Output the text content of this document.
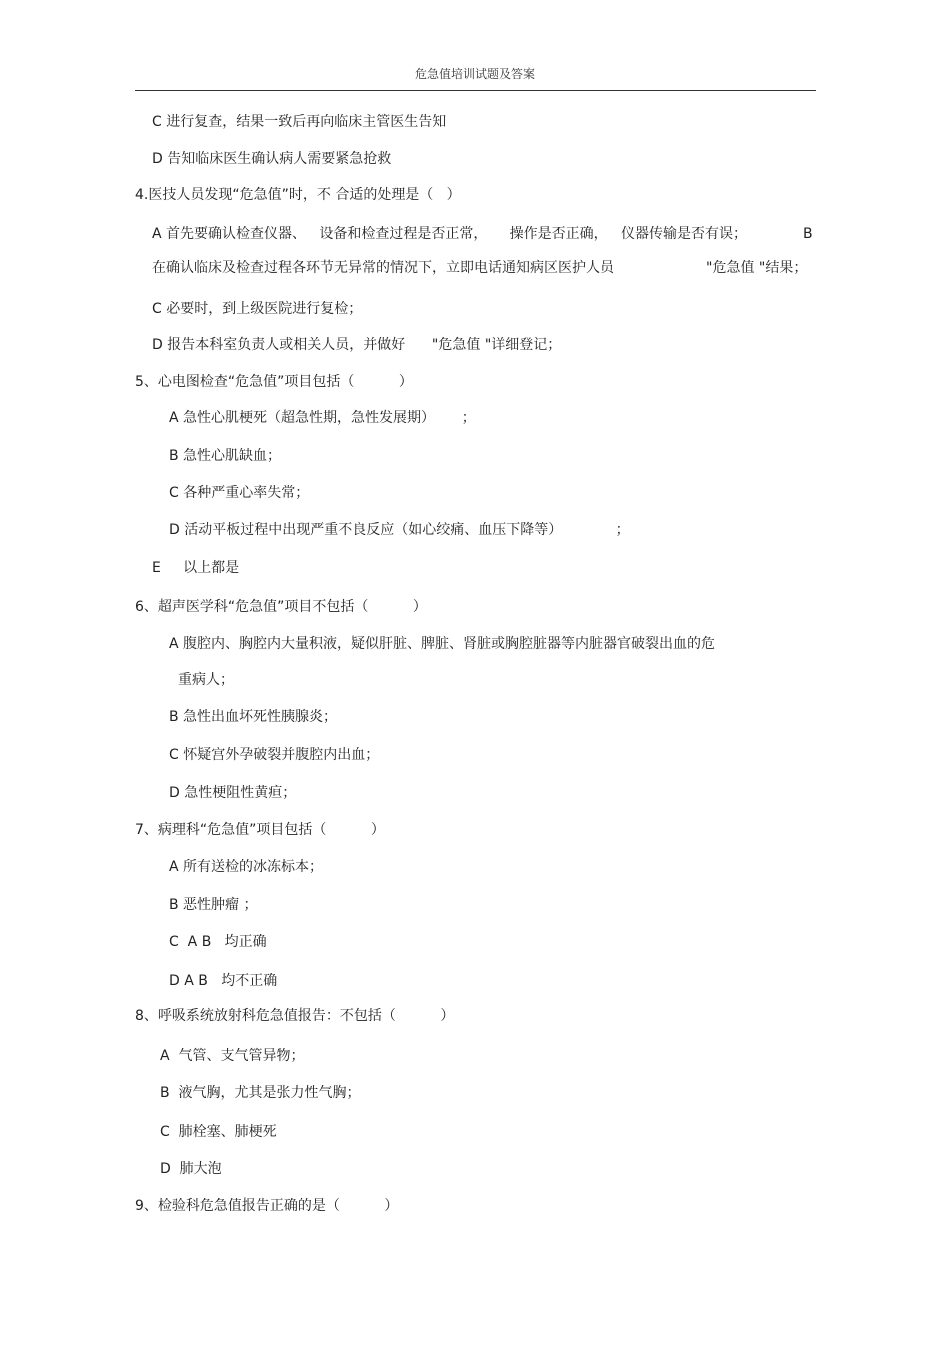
危急值培训试题及答案
C 进行复查，结果一致后再向临床主管医生告知
D 告知临床医生确认病人需要紧急抢救
4.医技人员发现“危急值”时，不 合适的处理是（   ）
A 首先要确认检查仪器、   设备和检查过程是否正常，     操作是否正确，   仪器传输是否有误；	B
在确认临床及检查过程各环节无异常的情况下，立即电话通知病区医护人员	"危急值 "结果；
C 必要时，到上级医院进行复检；
D 报告本科室负责人或相关人员，并做好      "危急值 "详细登记；
5、心电图检查“危急值”项目包括（          ）
A 急性心肌梗死（超急性期，急性发展期）      ；
B 急性心肌缺血；
C 各种严重心率失常；
D 活动平板过程中出现严重不良反应（如心绞痛、血压下降等）            ；
E     以上都是
6、超声医学科“危急值”项目不包括（          ）
A 腹腔内、胸腔内大量积液，疑似肝脏、脾脏、肾脏或胸腔脏器等内脏器官破裂出血的危
重病人；
B 急性出血坏死性胰腺炎；
C 怀疑宫外孕破裂并腹腔内出血；
D 急性梗阻性黄疸；
7、病理科“危急值”项目包括（          ）
A 所有送检的冰冻标本；
B 恶性肿瘤 ；
C  A B   均正确
D A B   均不正确
8、呼吸系统放射科危急值报告：不包括（          ）
A  气管、支气管异物；
B  液气胸，尤其是张力性气胸；
C  肺栓塞、肺梗死
D  肺大泡
9、检验科危急值报告正确的是（          ）
